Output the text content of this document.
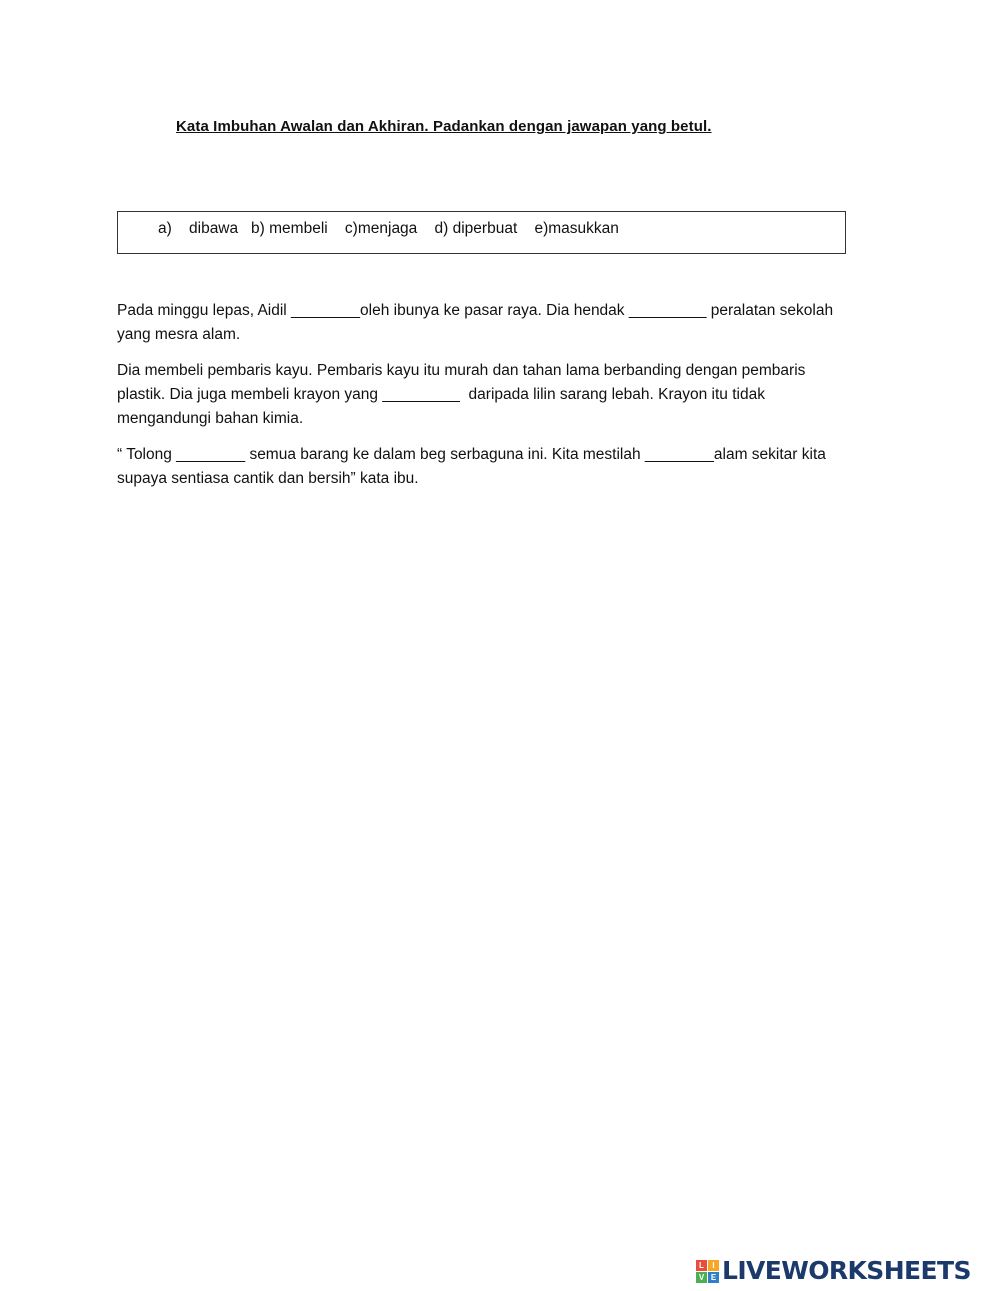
Kata Imbuhan Awalan dan Akhiran. Padankan dengan jawapan yang betul.
a)    dibawa   b) membeli    c)menjaga    d) diperbuat    e)masukkan
Pada minggu lepas, Aidil ________oleh ibunya ke pasar raya. Dia hendak _________ peralatan sekolah
yang mesra alam.
Dia membeli pembaris kayu. Pembaris kayu itu murah dan tahan lama berbanding dengan pembaris
plastik. Dia juga membeli krayon yang _________  daripada lilin sarang lebah. Krayon itu tidak
mengandungi bahan kimia.
“ Tolong ________ semua barang ke dalam beg serbaguna ini. Kita mestilah ________alam sekitar kita
supaya sentiasa cantik dan bersih” kata ibu.
L	I
V E LIVEWORKSHEETS
